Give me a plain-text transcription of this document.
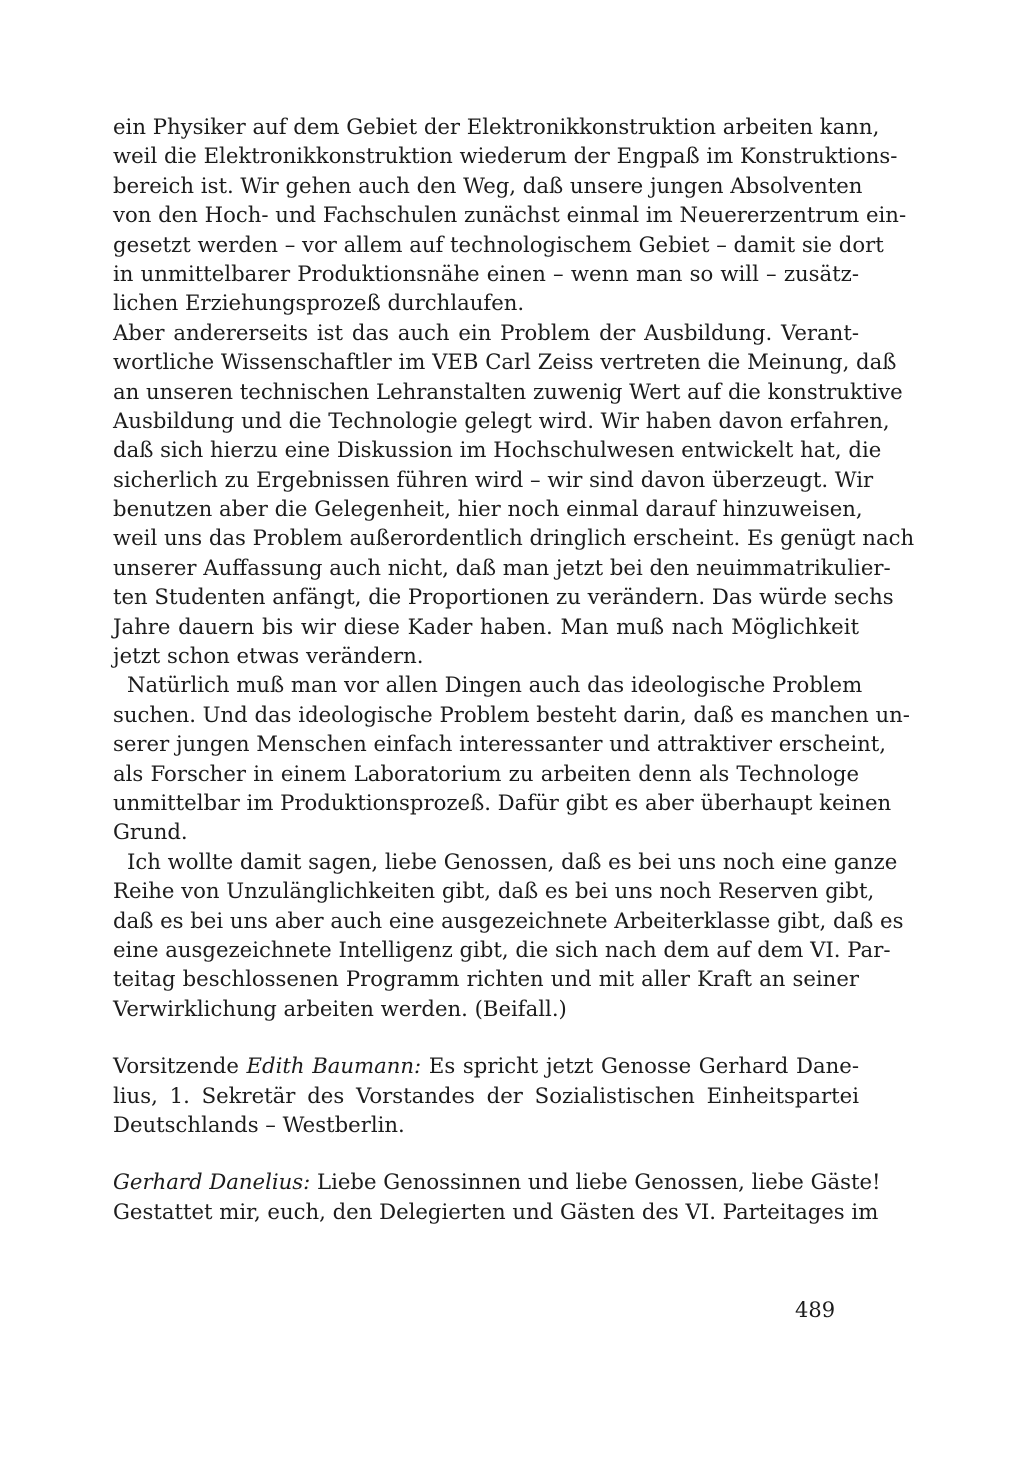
ein Physiker auf dem Gebiet der Elektronikkonstruktion arbeiten kann,
weil die Elektronikkonstruktion wiederum der Engpaß im Konstruktions-
bereich ist. Wir gehen auch den Weg, daß unsere jungen Absolventen
von den Hoch- und Fachschulen zunächst einmal im Neuererzentrum ein-
gesetzt werden – vor allem auf technologischem Gebiet – damit sie dort
in unmittelbarer Produktionsnähe einen – wenn man so will – zusätz-
lichen Erziehungsprozeß durchlaufen.
Aber andererseits ist das auch ein Problem der Ausbildung. Verant-
wortliche Wissenschaftler im VEB Carl Zeiss vertreten die Meinung, daß
an unseren technischen Lehranstalten zuwenig Wert auf die konstruktive
Ausbildung und die Technologie gelegt wird. Wir haben davon erfahren,
daß sich hierzu eine Diskussion im Hochschulwesen entwickelt hat, die
sicherlich zu Ergebnissen führen wird – wir sind davon überzeugt. Wir
benutzen aber die Gelegenheit, hier noch einmal darauf hinzuweisen,
weil uns das Problem außerordentlich dringlich erscheint. Es genügt nach
unserer Auffassung auch nicht, daß man jetzt bei den neuimmatrikulier-
ten Studenten anfängt, die Proportionen zu verändern. Das würde sechs
Jahre dauern bis wir diese Kader haben. Man muß nach Möglichkeit
jetzt schon etwas verändern.
Natürlich muß man vor allen Dingen auch das ideologische Problem
suchen. Und das ideologische Problem besteht darin, daß es manchen un-
serer jungen Menschen einfach interessanter und attraktiver erscheint,
als Forscher in einem Laboratorium zu arbeiten denn als Technologe
unmittelbar im Produktionsprozeß. Dafür gibt es aber überhaupt keinen
Grund.
Ich wollte damit sagen, liebe Genossen, daß es bei uns noch eine ganze
Reihe von Unzulänglichkeiten gibt, daß es bei uns noch Reserven gibt,
daß es bei uns aber auch eine ausgezeichnete Arbeiterklasse gibt, daß es
eine ausgezeichnete Intelligenz gibt, die sich nach dem auf dem VI. Par-
teitag beschlossenen Programm richten und mit aller Kraft an seiner
Verwirklichung arbeiten werden. (Beifall.)
Vorsitzende Edith Baumann: Es spricht jetzt Genosse Gerhard Dane-
lius, 1. Sekretär des Vorstandes der Sozialistischen Einheitspartei
Deutschlands – Westberlin.
Gerhard Danelius: Liebe Genossinnen und liebe Genossen, liebe Gäste!
Gestattet mir, euch, den Delegierten und Gästen des VI. Parteitages im
489
